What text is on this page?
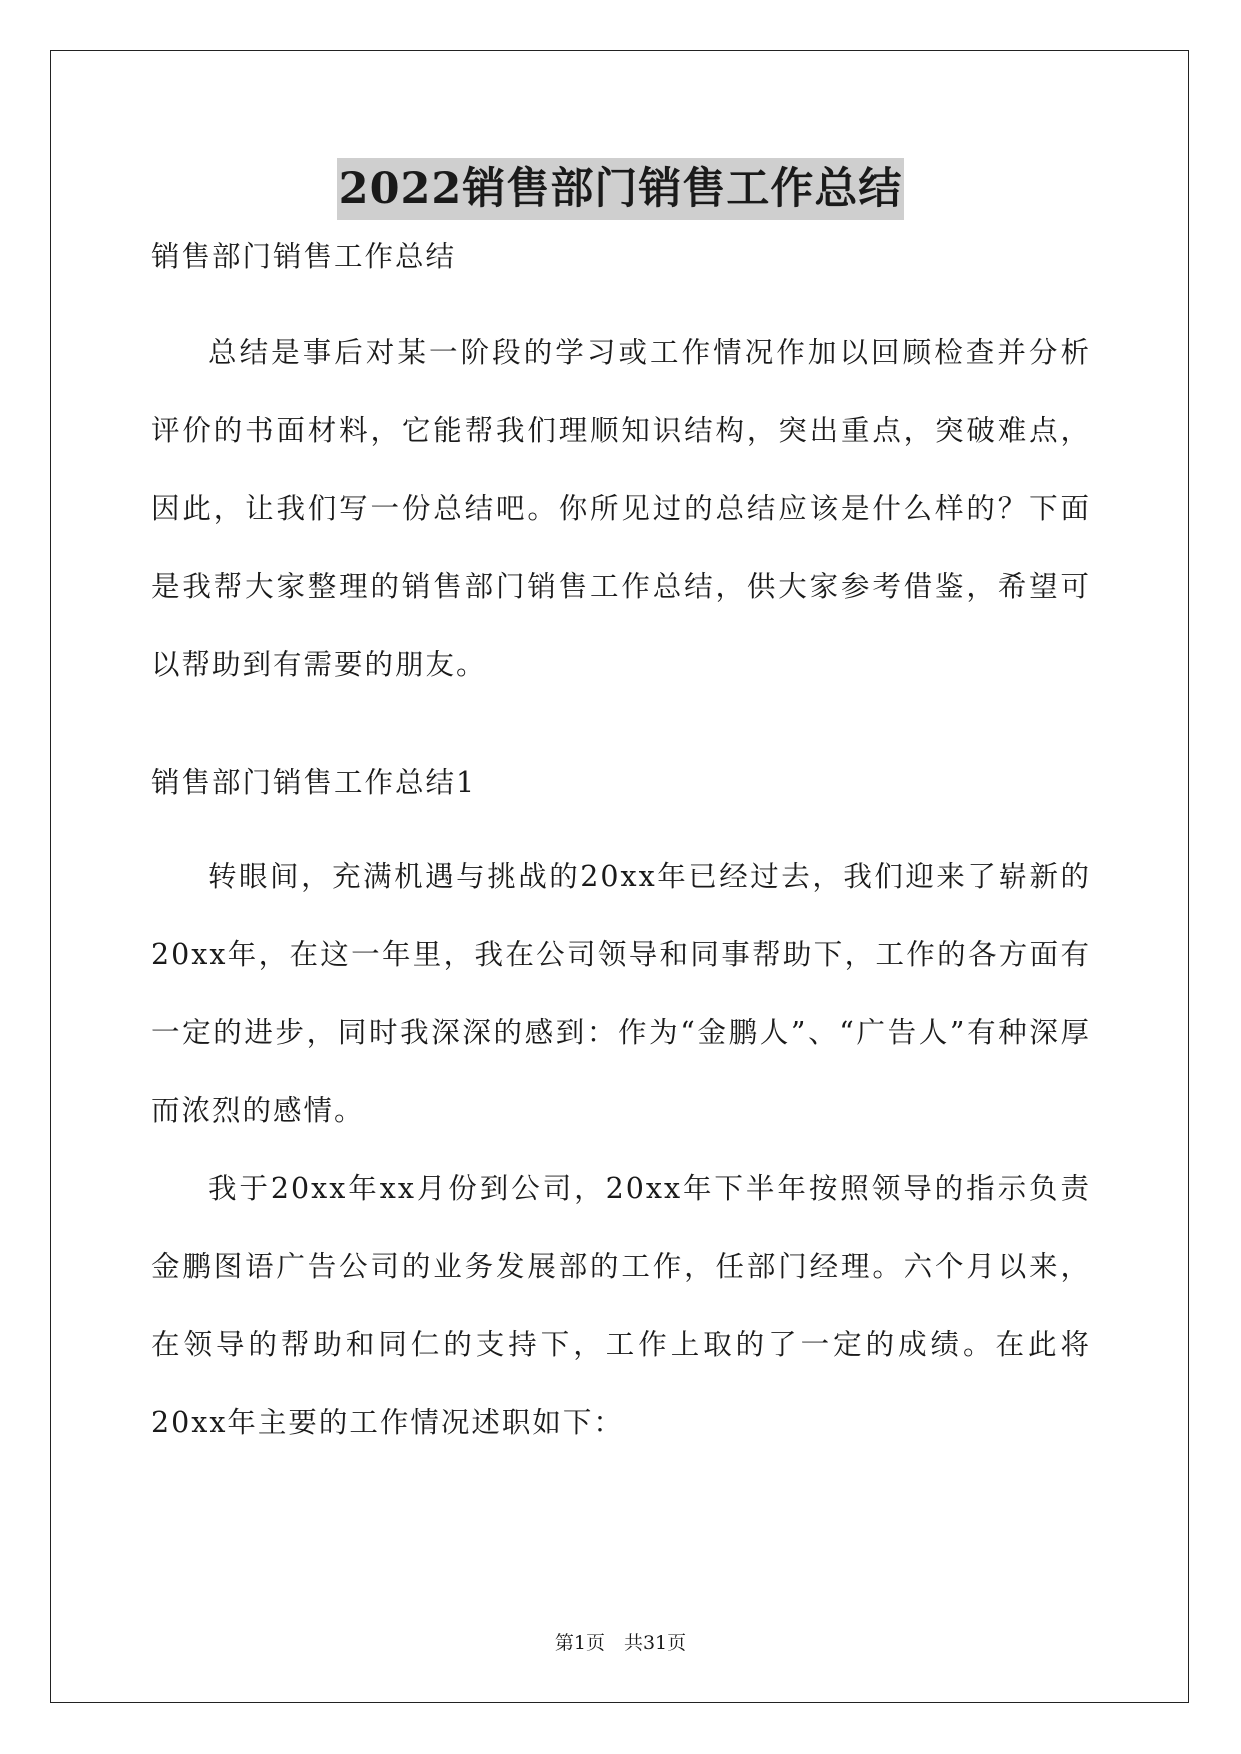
2022销售部门销售工作总结
销售部门销售工作总结
总结是事后对某一阶段的学习或工作情况作加以回顾检查并分析评价的书面材料，它能帮我们理顺知识结构，突出重点，突破难点，因此，让我们写一份总结吧。你所见过的总结应该是什么样的？下面是我帮大家整理的销售部门销售工作总结，供大家参考借鉴，希望可以帮助到有需要的朋友。
销售部门销售工作总结1
转眼间，充满机遇与挑战的20xx年已经过去，我们迎来了崭新的20xx年，在这一年里，我在公司领导和同事帮助下，工作的各方面有一定的进步，同时我深深的感到：作为“金鹏人”、“广告人”有种深厚而浓烈的感情。
我于20xx年xx月份到公司，20xx年下半年按照领导的指示负责金鹏图语广告公司的业务发展部的工作，任部门经理。六个月以来，在领导的帮助和同仁的支持下，工作上取的了一定的成绩。在此将20xx年主要的工作情况述职如下：
第1页　共31页
